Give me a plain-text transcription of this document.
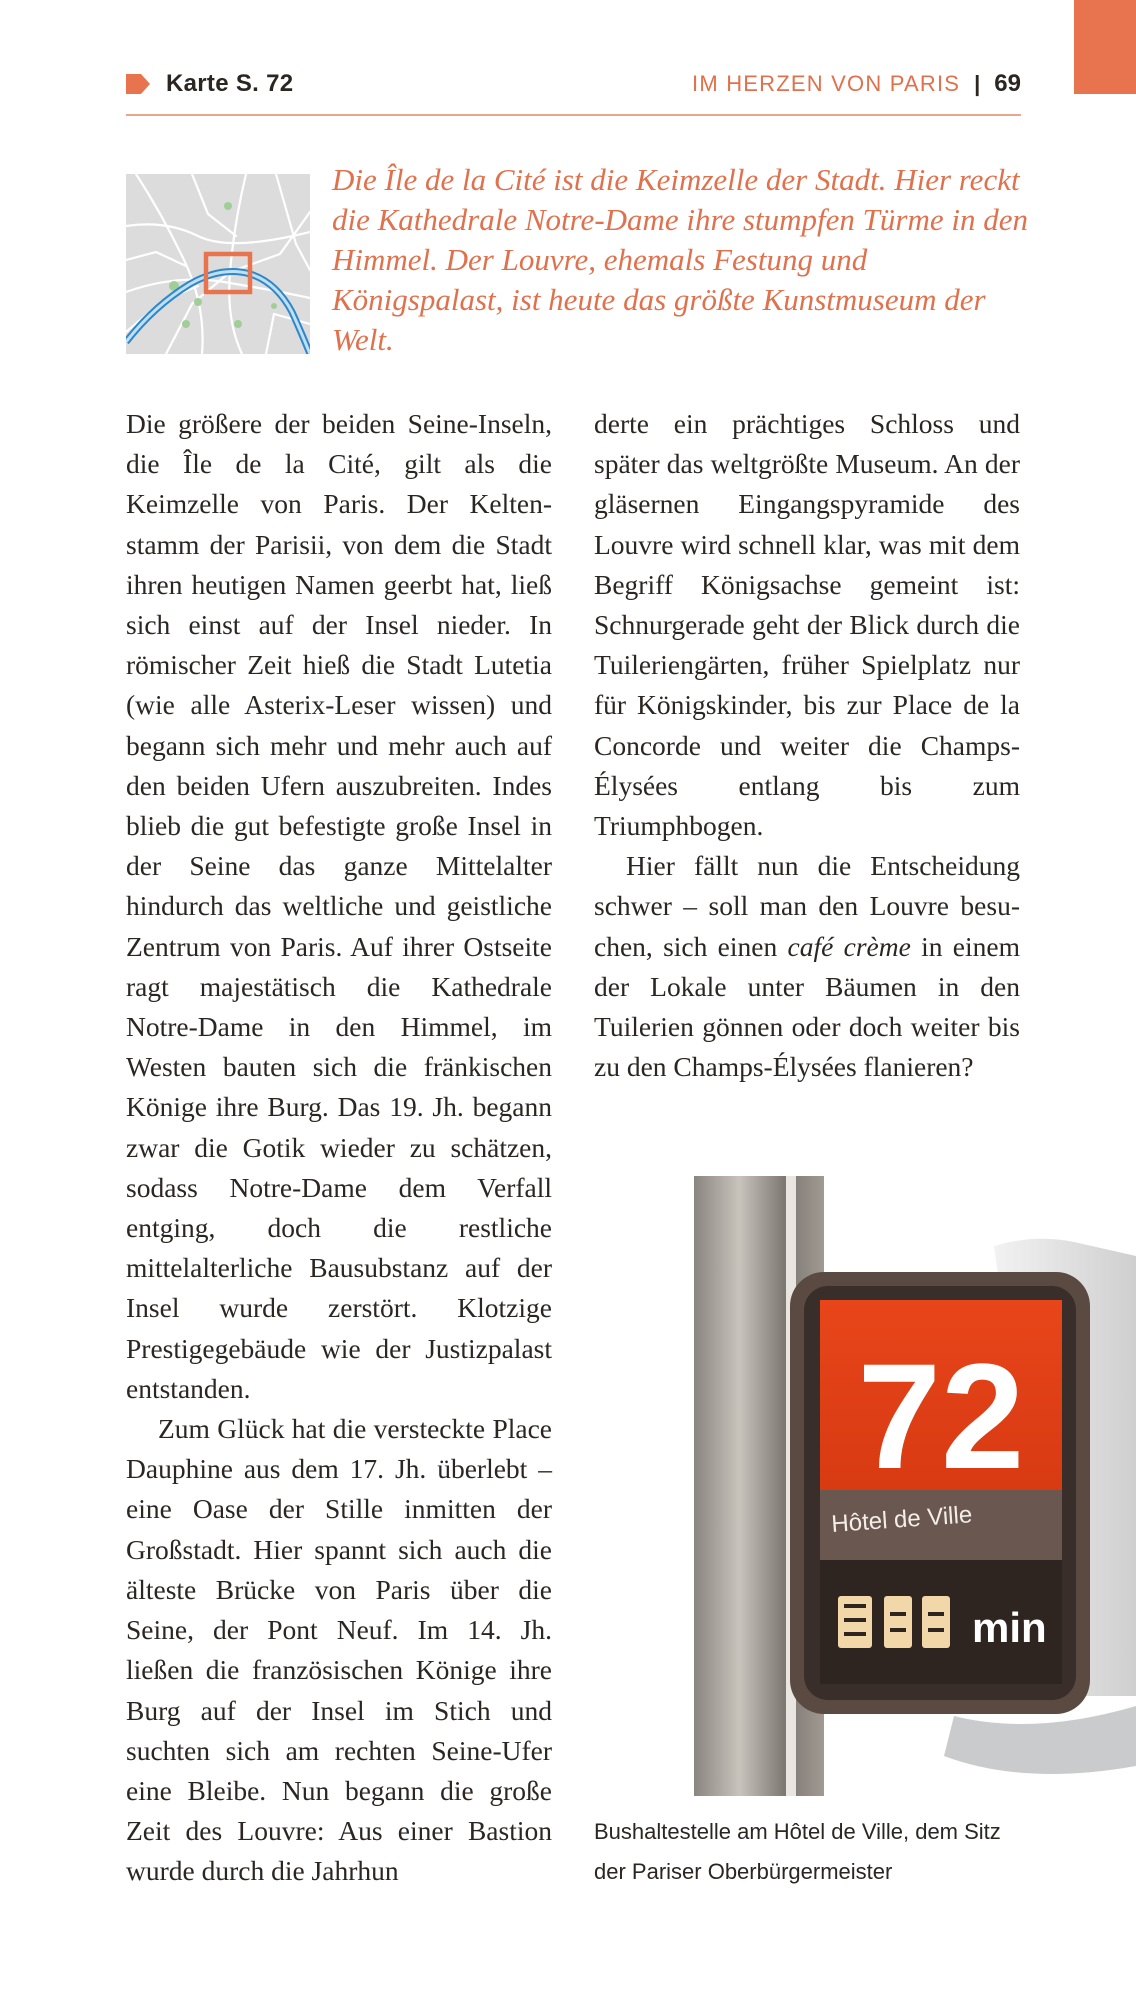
Karte S. 72	IM HERZEN VON PARIS | 69

Die Île de la Cité ist die Keimzelle der Stadt. Hier reckt die Kathedrale Notre-Dame ihre stumpfen Türme in den Himmel. Der Louvre, ehemals Festung und Königspalast, ist heute das größte Kunstmuseum der Welt.

Die größere der beiden Seine-Inseln, die Île de la Cité, gilt als die Keimzelle von Paris. Der Keltenstamm der Parisii, von dem die Stadt ihren heutigen Namen geerbt hat, ließ sich einst auf der Insel nieder. In römischer Zeit hieß die Stadt Lutetia (wie alle Asterix-Leser wissen) und begann sich mehr und mehr auch auf den beiden Ufern auszubreiten. Indes blieb die gut befestigte große Insel in der Seine das ganze Mittelalter hindurch das weltliche und geistliche Zentrum von Paris. Auf ihrer Ostseite ragt majestätisch die Kathedrale Notre-Dame in den Himmel, im Westen bauten sich die fränkischen Könige ihre Burg. Das 19. Jh. begann zwar die Gotik wieder zu schätzen, sodass Notre-Dame dem Verfall entging, doch die restliche mittelalterliche Bausubstanz auf der Insel wurde zerstört. Klotzige Prestigegebäude wie der Justizpalast entstanden.

Zum Glück hat die versteckte Place Dauphine aus dem 17. Jh. überlebt – eine Oase der Stille inmitten der Großstadt. Hier spannt sich auch die älteste Brücke von Paris über die Seine, der Pont Neuf. Im 14. Jh. ließen die französischen Könige ihre Burg auf der Insel im Stich und suchten sich am rechten Seine-Ufer eine Bleibe. Nun begann die große Zeit des Louvre: Aus einer Bastion wurde durch die Jahrhun

derte ein prächtiges Schloss und später das weltgrößte Museum. An der gläsernen Eingangspyramide des Louvre wird schnell klar, was mit dem Begriff Königsachse gemeint ist: Schnurgerade geht der Blick durch die Tuileriengärten, früher Spielplatz nur für Königskinder, bis zur Place de la Concorde und weiter die Champs-Élysées entlang bis zum Triumphbogen.

Hier fällt nun die Entscheidung schwer – soll man den Louvre besuchen, sich einen café crème in einem der Lokale unter Bäumen in den Tuilerien gönnen oder doch weiter bis zu den Champs-Élysées flanieren?

72
Hôtel de Ville
min

Bushaltestelle am Hôtel de Ville, dem Sitz der Pariser Oberbürgermeister
